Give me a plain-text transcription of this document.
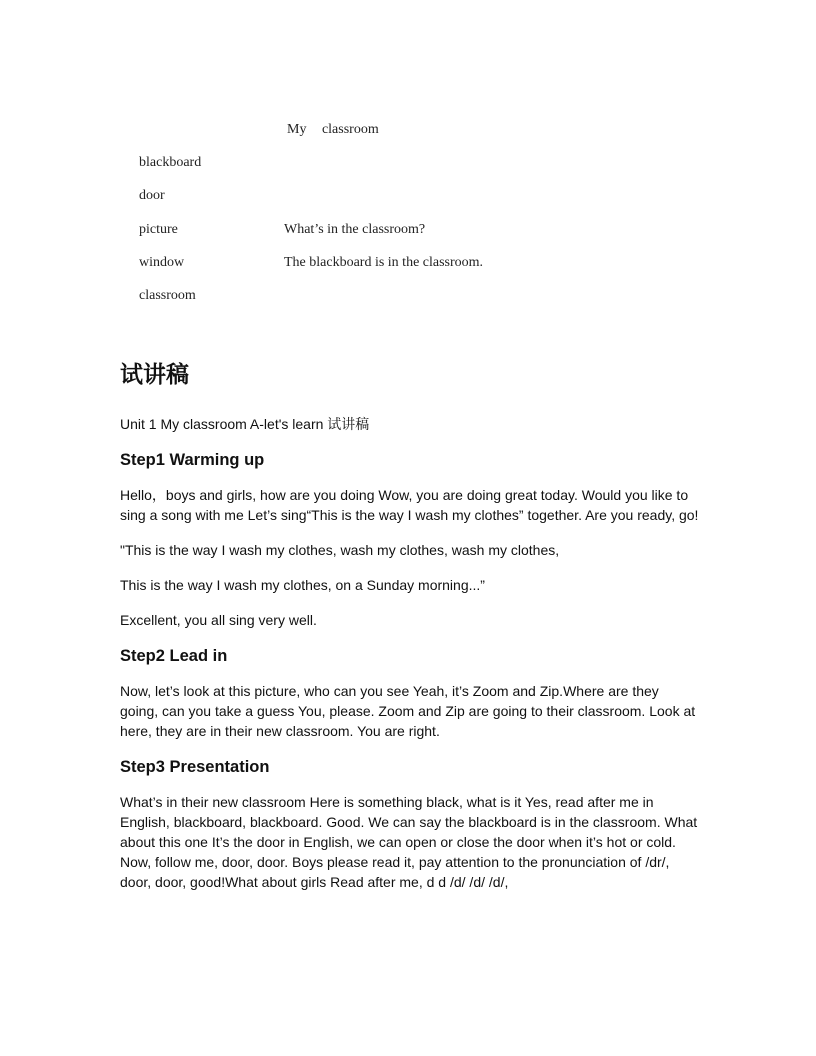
My classroom
blackboard
door
picture
window
classroom
What’s in the classroom?
The blackboard is in the classroom.
试讲稿

Unit 1 My classroom A-let's learn 试讲稿

Step1 Warming up

Hello，boys and girls, how are you doing Wow, you are doing great today. Would you like to sing a song with me Let’s sing“This is the way I wash my clothes” together. Are you ready, go!

"This is the way I wash my clothes, wash my clothes, wash my clothes,

This is the way I wash my clothes, on a Sunday morning...”

Excellent, you all sing very well.

Step2 Lead in

Now, let’s look at this picture, who can you see Yeah, it’s Zoom and Zip.Where are they going, can you take a guess You, please. Zoom and Zip are going to their classroom. Look at here, they are in their new classroom. You are right.

Step3 Presentation

What’s in their new classroom Here is something black, what is it Yes, read after me in English, blackboard, blackboard. Good. We can say the blackboard is in the classroom. What about this one It’s the door in English, we can open or close the door when it’s hot or cold. Now, follow me, door, door. Boys please read it, pay attention to the pronunciation of /dr/, door, door, good!What about girls Read after me, d d /d/ /d/ /d/,
